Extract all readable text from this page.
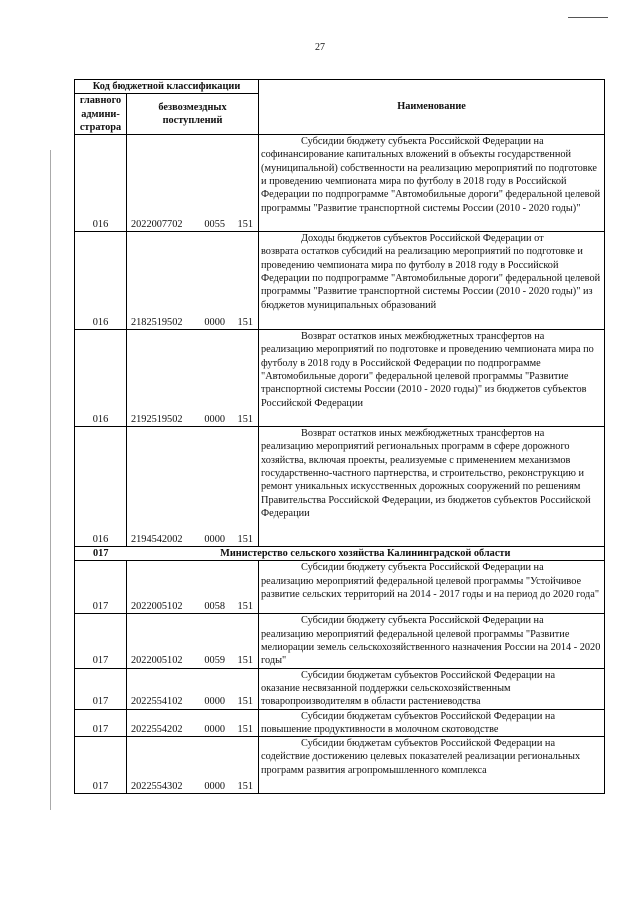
27
Код бюджетной классификации		Наименование
главного админи-стратора	безвозмездных поступлений	
016	2022007702 0055 151	Субсидии бюджету субъекта Российской Федерации на
софинансирование капитальных вложений в объекты государственной (муниципальной) собственности на реализацию мероприятий по подготовке и проведению чемпионата мира по футболу в 2018 году в Российской Федерации по подпрограмме "Автомобильные дороги" федеральной целевой программы "Развитие транспортной системы России (2010 - 2020 годы)"

016	2182519502 0000 151	Доходы бюджетов субъектов Российской Федерации от
возврата остатков субсидий на реализацию мероприятий по подготовке и проведению чемпионата мира по футболу в 2018 году в Российской Федерации по подпрограмме "Автомобильные дороги" федеральной целевой программы "Развитие транспортной системы России (2010 - 2020 годы)" из бюджетов муниципальных образований

016	2192519502 0000 151	Возврат остатков иных межбюджетных трансфертов на
реализацию мероприятий по подготовке и проведению чемпионата мира по футболу в 2018 году в Российской Федерации по подпрограмме "Автомобильные дороги" федеральной целевой программы "Развитие транспортной системы России (2010 - 2020 годы)" из бюджетов субъектов Российской Федерации

016	2194542002 0000 151	Возврат остатков иных межбюджетных трансфертов на
реализацию мероприятий региональных программ в сфере дорожного хозяйства, включая проекты, реализуемые с применением механизмов государственно-частного партнерства, и строительство, реконструкцию и ремонт уникальных искусственных дорожных сооружений по решениям Правительства Российской Федерации, из бюджетов субъектов Российской Федерации

017	Министерство сельского хозяйства Калининградской области	
017	2022005102 0058 151	Субсидии бюджету субъекта Российской Федерации на
реализацию мероприятий федеральной целевой программы "Устойчивое развитие сельских территорий на 2014 - 2017 годы и на период до 2020 года"

017	2022005102 0059 151	Субсидии бюджету субъекта Российской Федерации на
реализацию мероприятий федеральной целевой программы "Развитие мелиорации земель сельскохозяйственного назначения России на 2014 - 2020 годы"

017	2022554102 0000 151	Субсидии бюджетам субъектов Российской Федерации на
оказание несвязанной поддержки сельскохозяйственным товаропроизводителям в области растениеводства

017	2022554202 0000 151	Субсидии бюджетам субъектов Российской Федерации на
повышение продуктивности в молочном скотоводстве

017	2022554302 0000 151	Субсидии бюджетам субъектов Российской Федерации на
содействие достижению целевых показателей реализации региональных программ развития агропромышленного комплекса
